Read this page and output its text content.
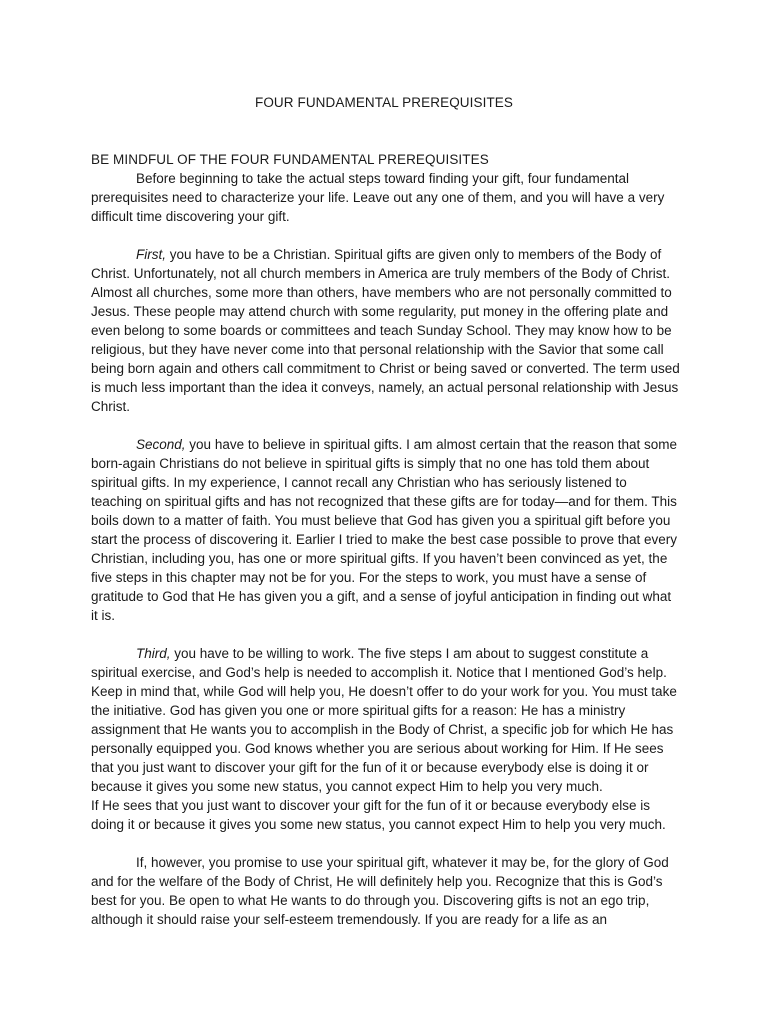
FOUR FUNDAMENTAL PREREQUISITES

BE MINDFUL OF THE FOUR FUNDAMENTAL PREREQUISITES

Before beginning to take the actual steps toward finding your gift, four fundamental prerequisites need to characterize your life. Leave out any one of them, and you will have a very difficult time discovering your gift.

First, you have to be a Christian. Spiritual gifts are given only to members of the Body of Christ. Unfortunately, not all church members in America are truly members of the Body of Christ. Almost all churches, some more than others, have members who are not personally committed to Jesus. These people may attend church with some regularity, put money in the offering plate and even belong to some boards or committees and teach Sunday School. They may know how to be religious, but they have never come into that personal relationship with the Savior that some call being born again and others call commitment to Christ or being saved or converted. The term used is much less important than the idea it conveys, namely, an actual personal relationship with Jesus Christ.

Second, you have to believe in spiritual gifts. I am almost certain that the reason that some born-again Christians do not believe in spiritual gifts is simply that no one has told them about spiritual gifts. In my experience, I cannot recall any Christian who has seriously listened to teaching on spiritual gifts and has not recognized that these gifts are for today—and for them. This boils down to a matter of faith. You must believe that God has given you a spiritual gift before you start the process of discovering it. Earlier I tried to make the best case possible to prove that every Christian, including you, has one or more spiritual gifts. If you haven’t been convinced as yet, the five steps in this chapter may not be for you. For the steps to work, you must have a sense of gratitude to God that He has given you a gift, and a sense of joyful anticipation in finding out what it is.

Third, you have to be willing to work. The five steps I am about to suggest constitute a spiritual exercise, and God’s help is needed to accomplish it. Notice that I mentioned God’s help. Keep in mind that, while God will help you, He doesn’t offer to do your work for you. You must take the initiative. God has given you one or more spiritual gifts for a reason: He has a ministry assignment that He wants you to accomplish in the Body of Christ, a specific job for which He has personally equipped you. God knows whether you are serious about working for Him. If He sees that you just want to discover your gift for the fun of it or because everybody else is doing it or because it gives you some new status, you cannot expect Him to help you very much.

If He sees that you just want to discover your gift for the fun of it or because everybody else is doing it or because it gives you some new status, you cannot expect Him to help you very much.

If, however, you promise to use your spiritual gift, whatever it may be, for the glory of God and for the welfare of the Body of Christ, He will definitely help you. Recognize that this is God’s best for you. Be open to what He wants to do through you. Discovering gifts is not an ego trip, although it should raise your self-esteem tremendously. If you are ready for a life as an
